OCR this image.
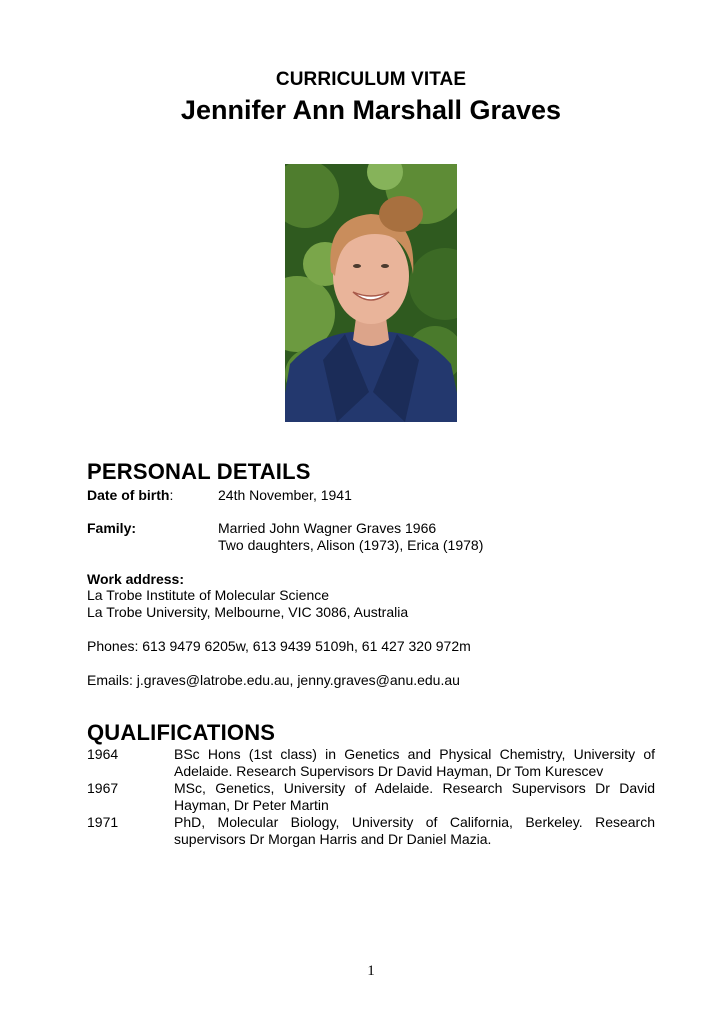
CURRICULUM VITAE
Jennifer Ann Marshall Graves
PERSONAL DETAILS
Date of birth:	24th November, 1941
Family:	Married John Wagner Graves 1966
Two daughters, Alison (1973), Erica (1978)
Work address:
La Trobe Institute of Molecular Science
La Trobe University, Melbourne, VIC 3086, Australia
Phones: 613 9479 6205w, 613 9439 5109h, 61 427 320 972m
Emails: j.graves@latrobe.edu.au, jenny.graves@anu.edu.au
QUALIFICATIONS
1964	BSc Hons (1st class) in Genetics and Physical Chemistry, University of Adelaide. Research Supervisors Dr David Hayman, Dr Tom Kurescev
1967	MSc, Genetics, University of Adelaide. Research Supervisors Dr David Hayman, Dr Peter Martin
1971	PhD, Molecular Biology, University of California, Berkeley. Research supervisors Dr Morgan Harris and Dr Daniel Mazia.
1
